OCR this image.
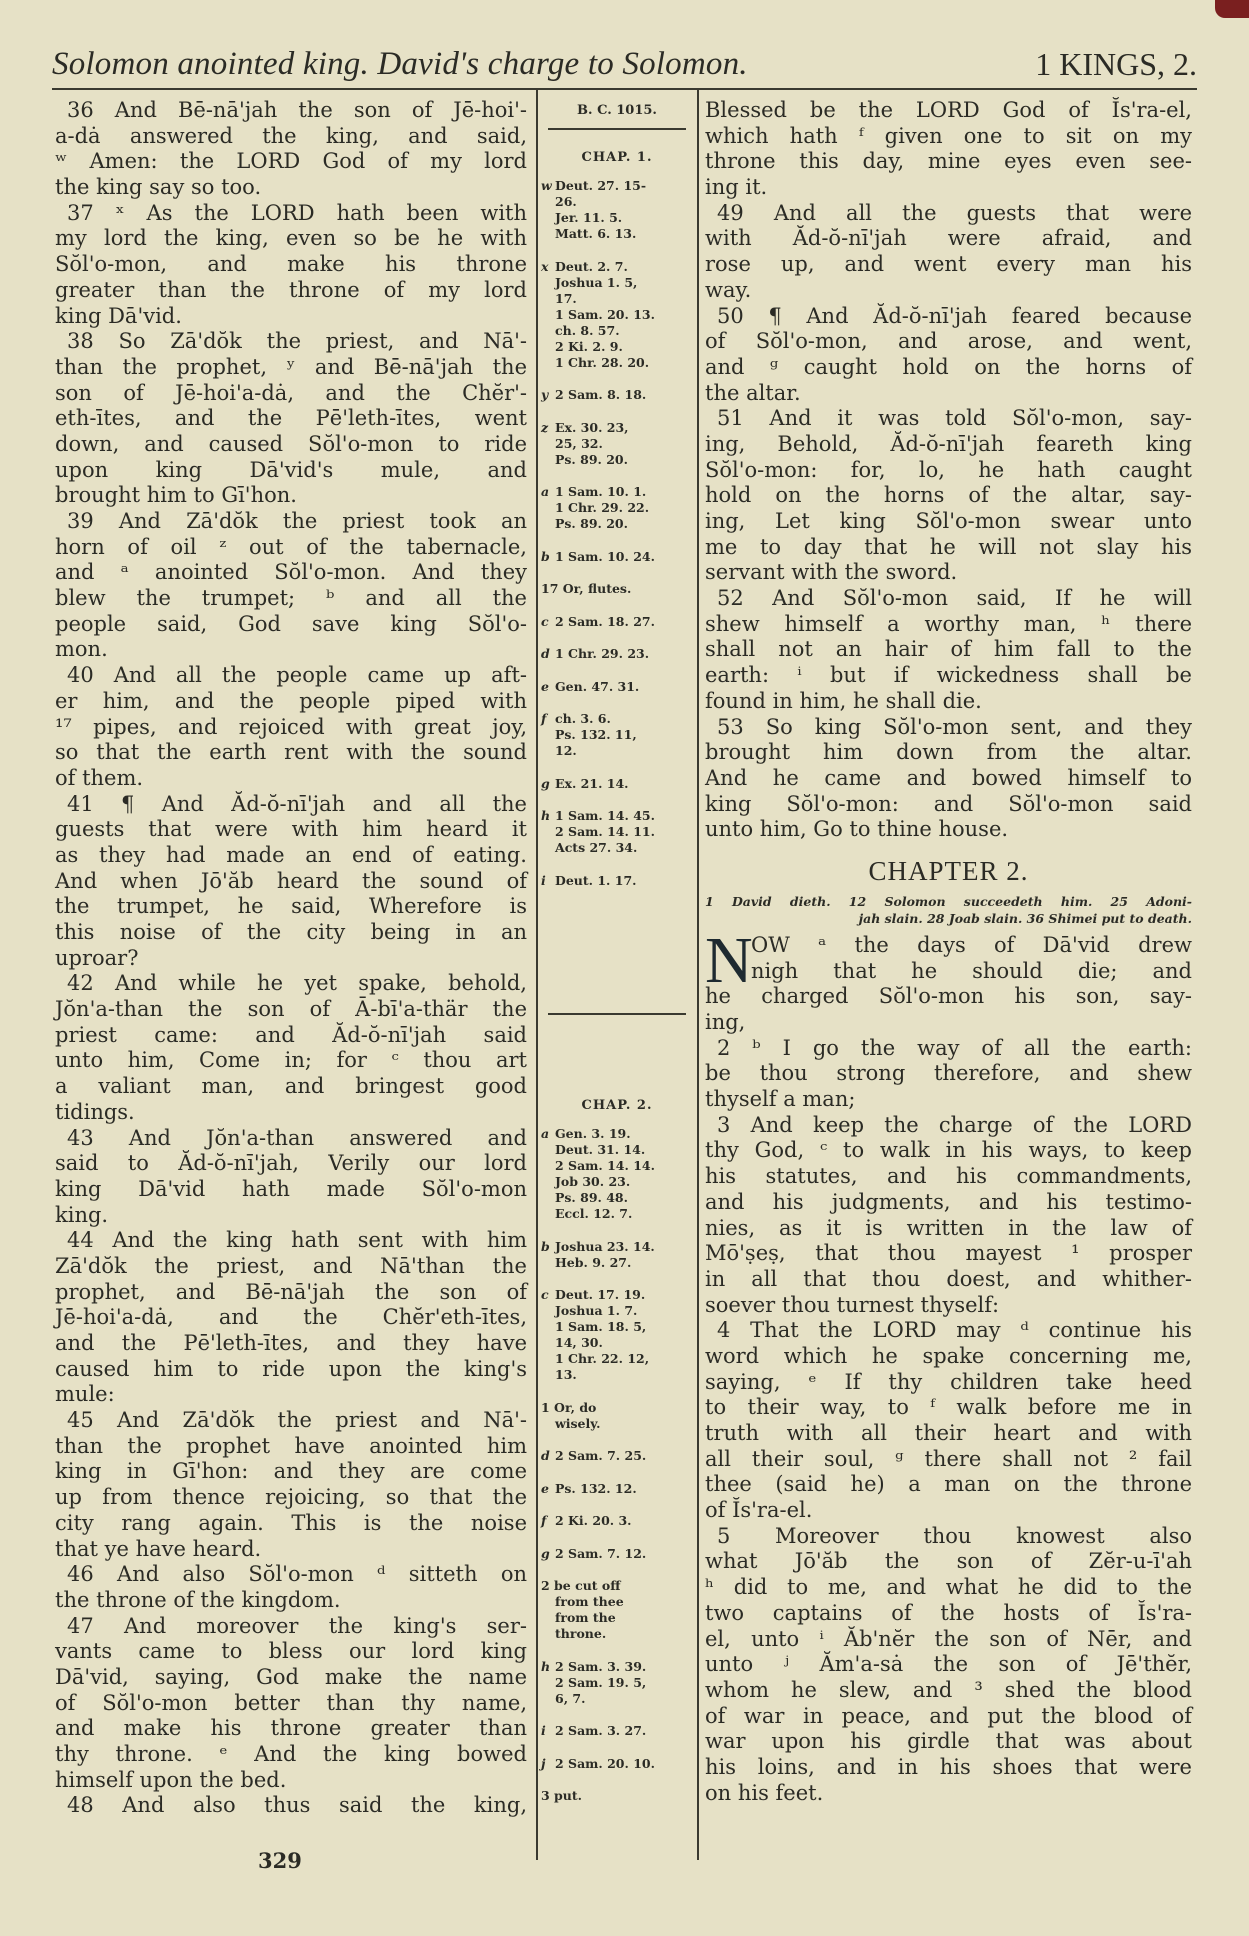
Solomon anointed king. David's charge to Solomon.	1 KINGS, 2.
36 And Bē-nā'jah the son of Jē-hoi'-
a-dȧ answered the king, and said,
ʷ Amen: the LORD God of my lord
the king say so too.
37 ˣ As the LORD hath been with
my lord the king, even so be he with
Sŏl'o-mon, and make his throne
greater than the throne of my lord
king Dā'vid.
38 So Zā'dŏk the priest, and Nā'-
than the prophet, ʸ and Bē-nā'jah the
son of Jē-hoi'a-dȧ, and the Chĕr'-
eth-ītes, and the Pē'leth-ītes, went
down, and caused Sŏl'o-mon to ride
upon king Dā'vid's mule, and
brought him to Gī'hon.
39 And Zā'dŏk the priest took an
horn of oil ᶻ out of the tabernacle,
and ᵃ anointed Sŏl'o-mon. And they
blew the trumpet; ᵇ and all the
people said, God save king Sŏl'o-
mon.
40 And all the people came up aft-
er him, and the people piped with
¹⁷ pipes, and rejoiced with great joy,
so that the earth rent with the sound
of them.
41 ¶ And Ăd-ŏ-nī'jah and all the
guests that were with him heard it
as they had made an end of eating.
And when Jō'ăb heard the sound of
the trumpet, he said, Wherefore is
this noise of the city being in an
uproar?
42 And while he yet spake, behold,
Jŏn'a-than the son of Ā-bī'a-thär the
priest came: and Ăd-ŏ-nī'jah said
unto him, Come in; for ᶜ thou art
a valiant man, and bringest good
tidings.
43 And Jŏn'a-than answered and
said to Ăd-ŏ-nī'jah, Verily our lord
king Dā'vid hath made Sŏl'o-mon
king.
44 And the king hath sent with him
Zā'dŏk the priest, and Nā'than the
prophet, and Bē-nā'jah the son of
Jē-hoi'a-dȧ, and the Chĕr'eth-ītes,
and the Pē'leth-ītes, and they have
caused him to ride upon the king's
mule:
45 And Zā'dŏk the priest and Nā'-
than the prophet have anointed him
king in Gī'hon: and they are come
up from thence rejoicing, so that the
city rang again. This is the noise
that ye have heard.
46 And also Sŏl'o-mon ᵈ sitteth on
the throne of the kingdom.
47 And moreover the king's ser-
vants came to bless our lord king
Dā'vid, saying, God make the name
of Sŏl'o-mon better than thy name,
and make his throne greater than
thy throne. ᵉ And the king bowed
himself upon the bed.
48 And also thus said the king,
B. C. 1015.
CHAP. 1.
w Deut. 27. 15-
26.
Jer. 11. 5.
Matt. 6. 13.
x Deut. 2. 7.
Joshua 1. 5,
17.
1 Sam. 20. 13.
ch. 8. 57.
2 Ki. 2. 9.
1 Chr. 28. 20.
y 2 Sam. 8. 18.
z Ex. 30. 23,
25, 32.
Ps. 89. 20.
a 1 Sam. 10. 1.
1 Chr. 29. 22.
Ps. 89. 20.
b 1 Sam. 10. 24.
17 Or, flutes.
c 2 Sam. 18. 27.
d 1 Chr. 29. 23.
e Gen. 47. 31.
f ch. 3. 6.
Ps. 132. 11,
12.
g Ex. 21. 14.
h 1 Sam. 14. 45.
2 Sam. 14. 11.
Acts 27. 34.
i Deut. 1. 17.
CHAP. 2.
a Gen. 3. 19.
Deut. 31. 14.
2 Sam. 14. 14.
Job 30. 23.
Ps. 89. 48.
Eccl. 12. 7.
b Joshua 23. 14.
Heb. 9. 27.
c Deut. 17. 19.
Joshua 1. 7.
1 Sam. 18. 5,
14, 30.
1 Chr. 22. 12,
13.
1 Or, do
wisely.
d 2 Sam. 7. 25.
e Ps. 132. 12.
f 2 Ki. 20. 3.
g 2 Sam. 7. 12.
2 be cut off
from thee
from the
throne.
h 2 Sam. 3. 39.
2 Sam. 19. 5,
6, 7.
i 2 Sam. 3. 27.
j 2 Sam. 20. 10.
3 put.
Blessed be the LORD God of Ĭs'ra-el,
which hath ᶠ given one to sit on my
throne this day, mine eyes even see-
ing it.
49 And all the guests that were
with Ăd-ŏ-nī'jah were afraid, and
rose up, and went every man his
way.
50 ¶ And Ăd-ŏ-nī'jah feared because
of Sŏl'o-mon, and arose, and went,
and ᵍ caught hold on the horns of
the altar.
51 And it was told Sŏl'o-mon, say-
ing, Behold, Ăd-ŏ-nī'jah feareth king
Sŏl'o-mon: for, lo, he hath caught
hold on the horns of the altar, say-
ing, Let king Sŏl'o-mon swear unto
me to day that he will not slay his
servant with the sword.
52 And Sŏl'o-mon said, If he will
shew himself a worthy man, ʰ there
shall not an hair of him fall to the
earth: ⁱ but if wickedness shall be
found in him, he shall die.
53 So king Sŏl'o-mon sent, and they
brought him down from the altar.
And he came and bowed himself to
king Sŏl'o-mon: and Sŏl'o-mon said
unto him, Go to thine house.
CHAPTER 2.
1 David dieth. 12 Solomon succeedeth him. 25 Adoni-
jah slain. 28 Joab slain. 36 Shimei put to death.
N
OW ᵃ the days of Dā'vid drew
nigh that he should die; and
he charged Sŏl'o-mon his son, say-
ing,
2 ᵇ I go the way of all the earth:
be thou strong therefore, and shew
thyself a man;
3 And keep the charge of the LORD
thy God, ᶜ to walk in his ways, to keep
his statutes, and his commandments,
and his judgments, and his testimo-
nies, as it is written in the law of
Mō'ṣeṣ, that thou mayest ¹ prosper
in all that thou doest, and whither-
soever thou turnest thyself:
4 That the LORD may ᵈ continue his
word which he spake concerning me,
saying, ᵉ If thy children take heed
to their way, to ᶠ walk before me in
truth with all their heart and with
all their soul, ᵍ there shall not ² fail
thee (said he) a man on the throne
of Ĭs'ra-el.
5 Moreover thou knowest also
what Jō'ăb the son of Zĕr-u-ī'ah
ʰ did to me, and what he did to the
two captains of the hosts of Ĭs'ra-
el, unto ⁱ Ăb'nĕr the son of Nēr, and
unto ʲ Ăm'a-sȧ the son of Jē'thĕr,
whom he slew, and ³ shed the blood
of war in peace, and put the blood of
war upon his girdle that was about
his loins, and in his shoes that were
on his feet.
329
